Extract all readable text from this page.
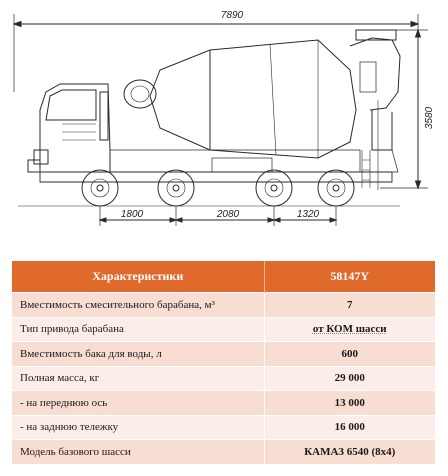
7890
3580
1800	2080	1320
Характеристики	58147Y
Вместимость смесительного барабана, м³	7
Тип привода барабана	от КОМ шасси
Вместимость бака для воды, л	600
Полная масса, кг	29 000
- на переднюю ось	13 000
- на заднюю тележку	16 000
Модель базового шасси	КАМАЗ 6540 (8х4)
